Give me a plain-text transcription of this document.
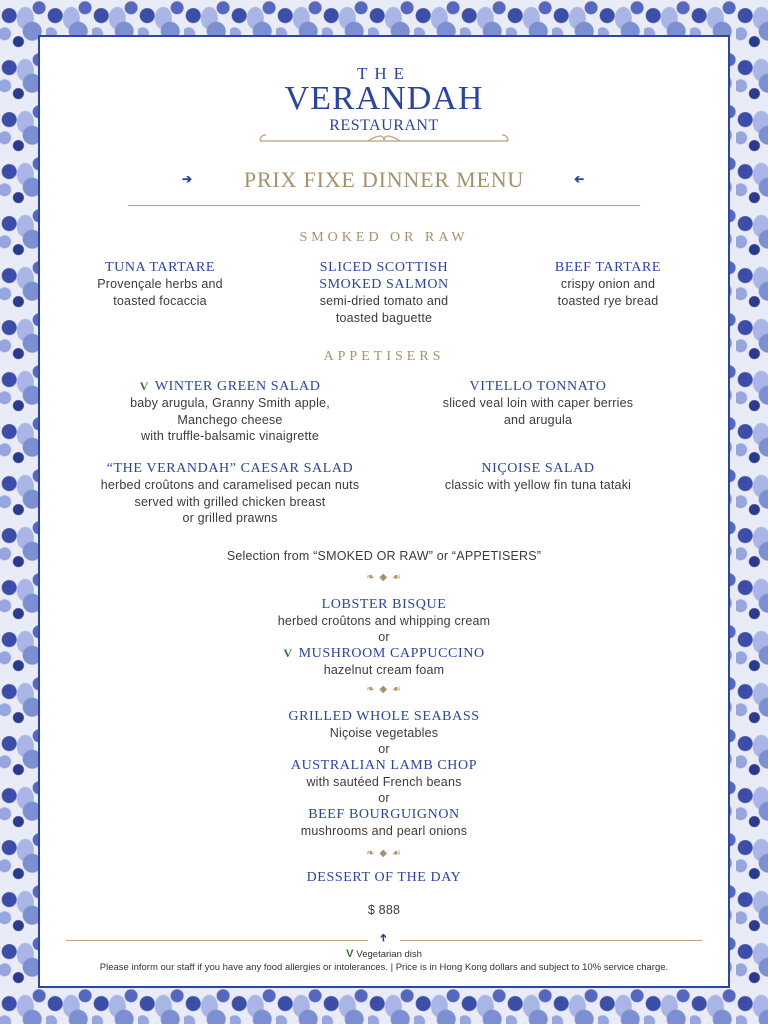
THE
VERANDAH
RESTAURANT
➔	PRIX FIXE DINNER MENU	➔
SMOKED OR RAW
TUNA TARTARE
Provençale herbs and
toasted focaccia
SLICED SCOTTISH
SMOKED SALMON
semi-dried tomato and
toasted baguette
BEEF TARTARE
crispy onion and
toasted rye bread
APPETISERS
V WINTER GREEN SALAD
baby arugula, Granny Smith apple,
Manchego cheese
with truffle-balsamic vinaigrette
VITELLO TONNATO
sliced veal loin with caper berries
and arugula
“THE VERANDAH” CAESAR SALAD
herbed croûtons and caramelised pecan nuts
served with grilled chicken breast
or grilled prawns
NIÇOISE SALAD
classic with yellow fin tuna tataki
Selection from “SMOKED OR RAW” or “APPETISERS”
❧ ◆ ☙
LOBSTER BISQUE
herbed croûtons and whipping cream
or
V MUSHROOM CAPPUCCINO
hazelnut cream foam
❧ ◆ ☙
GRILLED WHOLE SEABASS
Niçoise vegetables
or
AUSTRALIAN LAMB CHOP
with sautéed French beans
or
BEEF BOURGUIGNON
mushrooms and pearl onions
❧ ◆ ☙
DESSERT OF THE DAY
$ 888
➔
V Vegetarian dish
Please inform our staff if you have any food allergies or intolerances. | Price is in Hong Kong dollars and subject to 10% service charge.
